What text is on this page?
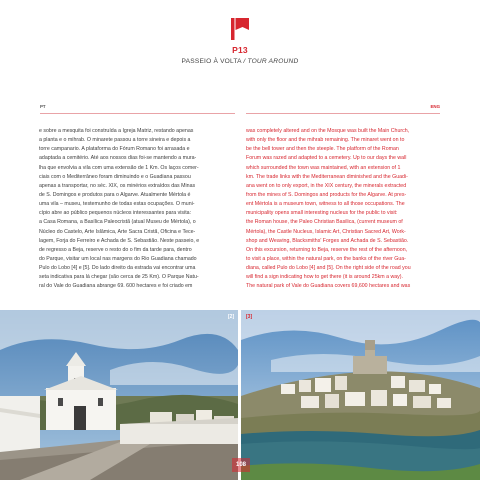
P13
PASSEIO À VOLTA / TOUR AROUND
PT	ENG
e sobre a mesquita foi construída a Igreja Matriz, restando apenas
a planta e o mihrab. O minarete passou a torre sineira e depois a
torre campanario. A plataforma do Fórum Romano foi arrasada e
adaptada a cemitério. Até aos nossos dias foi-se mantendo a mura-
lha que envolvia a vila com uma extensão de 1 Km. Os laços comer-
ciais com o Mediterrâneo foram diminuindo e o Guadiana passou
apenas a transportar, no séc. XIX, os minérios extraídos das Minas
de S. Domingos e produtos para o Algarve. Atualmente Mértola é
uma vila – museu, testemunho de todas estas ocupações. O muni-
cípio abre ao público pequenos núcleos interessantes para visita:
a Casa Romana, a Basílica Paleocristã (atual Museu de Mértola), o
Núcleo do Castelo, Arte Islâmica, Arte Sacra Cristã, Oficina e Tece-
lagem, Forja do Ferreiro e Achada de S. Sebastião. Neste passeio, e
de regresso a Beja, reserve o resto do o fim da tarde para, dentro
do Parque, visitar um local nas margens do Rio Guadiana chamado
Pulo do Lobo [4] e [5]. Do lado direito da estrada vai encontrar uma
seta indicativa para lá chegar (são cerca de 25 Km). O Parque Natu-
ral do Vale do Guadiana abrange 69. 600 hectares e foi criado em
was completely altered and on the Mosque was built the Main Church,
with only the floor and the mihrab remaining. The minaret went on to
be the bell tower and then the steeple. The platform of the Roman
Forum was razed and adapted to a cemetery. Up to our days the wall
which surrounded the town was maintained, with an extension of 1
km. The trade links with the Mediterranean diminished and the Guadi-
ana went on to only export, in the XIX century, the minerals extracted
from the mines of S. Domingos and products for the Algarve. At pres-
ent Mértola is a museum town, witness to all those occupations. The
municipality opens small interesting nucleus for the public to visit:
the Roman house, the Paleo Christian Basilica, (current museum of
Mértola), the Castle Nucleus, Islamic Art, Christian Sacred Art, Work-
shop and Weaving, Blacksmiths' Forges and Achada de S. Sebastião.
On this excursion, returning to Beja, reserve the rest of the afternoon,
to visit a place, within the natural park, on the banks of the river Gua-
diana, called Pulo do Lobo [4] and [5]. On the right side of the road you
will find a sign indicating how to get there (it is around 25km a way).
The natural park of Vale do Guadiana covers 69,600 hectares and was
[2] [3]
108
